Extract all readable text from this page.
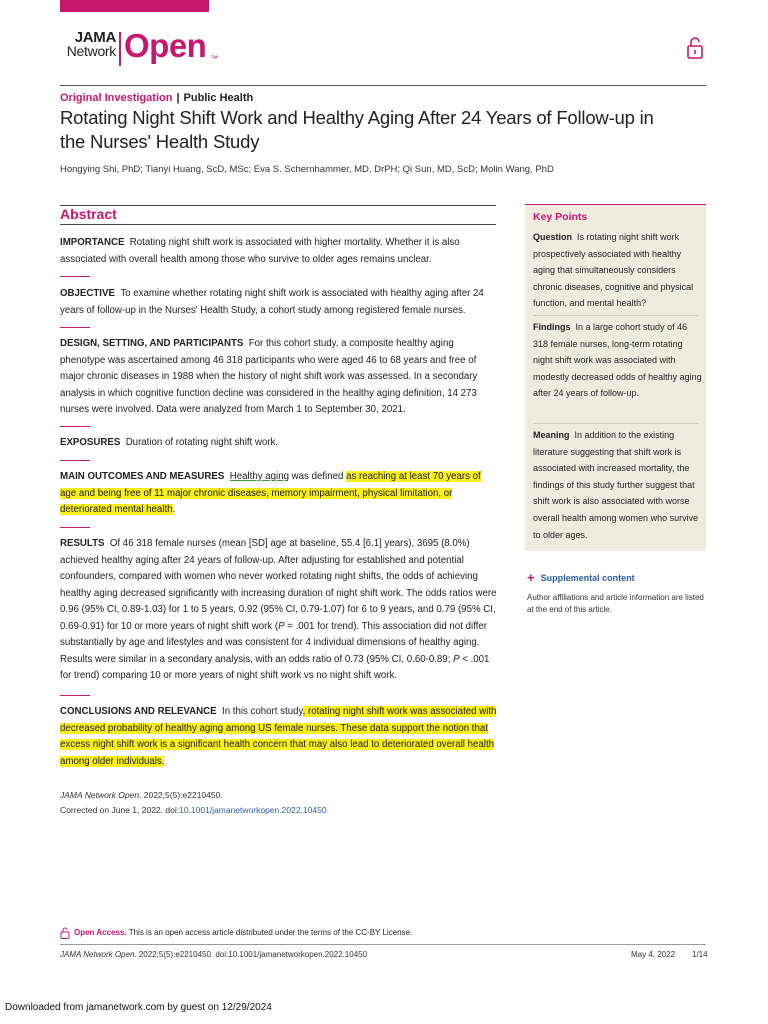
JAMA
Network Open ™
Original Investigation | Public Health
Rotating Night Shift Work and Healthy Aging After 24 Years of Follow-up in the Nurses' Health Study
Hongying Shi, PhD; Tianyi Huang, ScD, MSc; Eva S. Schernhammer, MD, DrPH; Qi Sun, MD, ScD; Molin Wang, PhD
Abstract
IMPORTANCE Rotating night shift work is associated with higher mortality. Whether it is also associated with overall health among those who survive to older ages remains unclear.
OBJECTIVE To examine whether rotating night shift work is associated with healthy aging after 24 years of follow-up in the Nurses' Health Study, a cohort study among registered female nurses.
DESIGN, SETTING, AND PARTICIPANTS For this cohort study, a composite healthy aging phenotype was ascertained among 46 318 participants who were aged 46 to 68 years and free of major chronic diseases in 1988 when the history of night shift work was assessed. In a secondary analysis in which cognitive function decline was considered in the healthy aging definition, 14 273 nurses were involved. Data were analyzed from March 1 to September 30, 2021.
EXPOSURES Duration of rotating night shift work.
MAIN OUTCOMES AND MEASURES Healthy aging was defined as reaching at least 70 years of age and being free of 11 major chronic diseases, memory impairment, physical limitation, or deteriorated mental health.
RESULTS Of 46 318 female nurses (mean [SD] age at baseline, 55.4 [6.1] years), 3695 (8.0%) achieved healthy aging after 24 years of follow-up. After adjusting for established and potential confounders, compared with women who never worked rotating night shifts, the odds of achieving healthy aging decreased significantly with increasing duration of night shift work. The odds ratios were 0.96 (95% CI, 0.89-1.03) for 1 to 5 years, 0.92 (95% CI, 0.79-1.07) for 6 to 9 years, and 0.79 (95% CI, 0.69-0.91) for 10 or more years of night shift work (P = .001 for trend). This association did not differ substantially by age and lifestyles and was consistent for 4 individual dimensions of healthy aging. Results were similar in a secondary analysis, with an odds ratio of 0.73 (95% CI, 0.60-0.89; P < .001 for trend) comparing 10 or more years of night shift work vs no night shift work.
CONCLUSIONS AND RELEVANCE In this cohort study, rotating night shift work was associated with decreased probability of healthy aging among US female nurses. These data support the notion that excess night shift work is a significant health concern that may also lead to deteriorated overall health among older individuals.
JAMA Network Open. 2022;5(5):e2210450.
Corrected on June 1, 2022. doi:10.1001/jamanetworkopen.2022.10450
Key Points
Question Is rotating night shift work prospectively associated with healthy aging that simultaneously considers chronic diseases, cognitive and physical function, and mental health?
Findings In a large cohort study of 46 318 female nurses, long-term rotating night shift work was associated with modestly decreased odds of healthy aging after 24 years of follow-up.
Meaning In addition to the existing literature suggesting that shift work is associated with increased mortality, the findings of this study further suggest that shift work is also associated with worse overall health among women who survive to older ages.
+ Supplemental content
Author affiliations and article information are listed at the end of this article.
Open Access. This is an open access article distributed under the terms of the CC-BY License.
JAMA Network Open. 2022;5(5):e2210450. doi:10.1001/jamanetworkopen.2022.10450	May 4, 2022 1/14
Downloaded from jamanetwork.com by guest on 12/29/2024
